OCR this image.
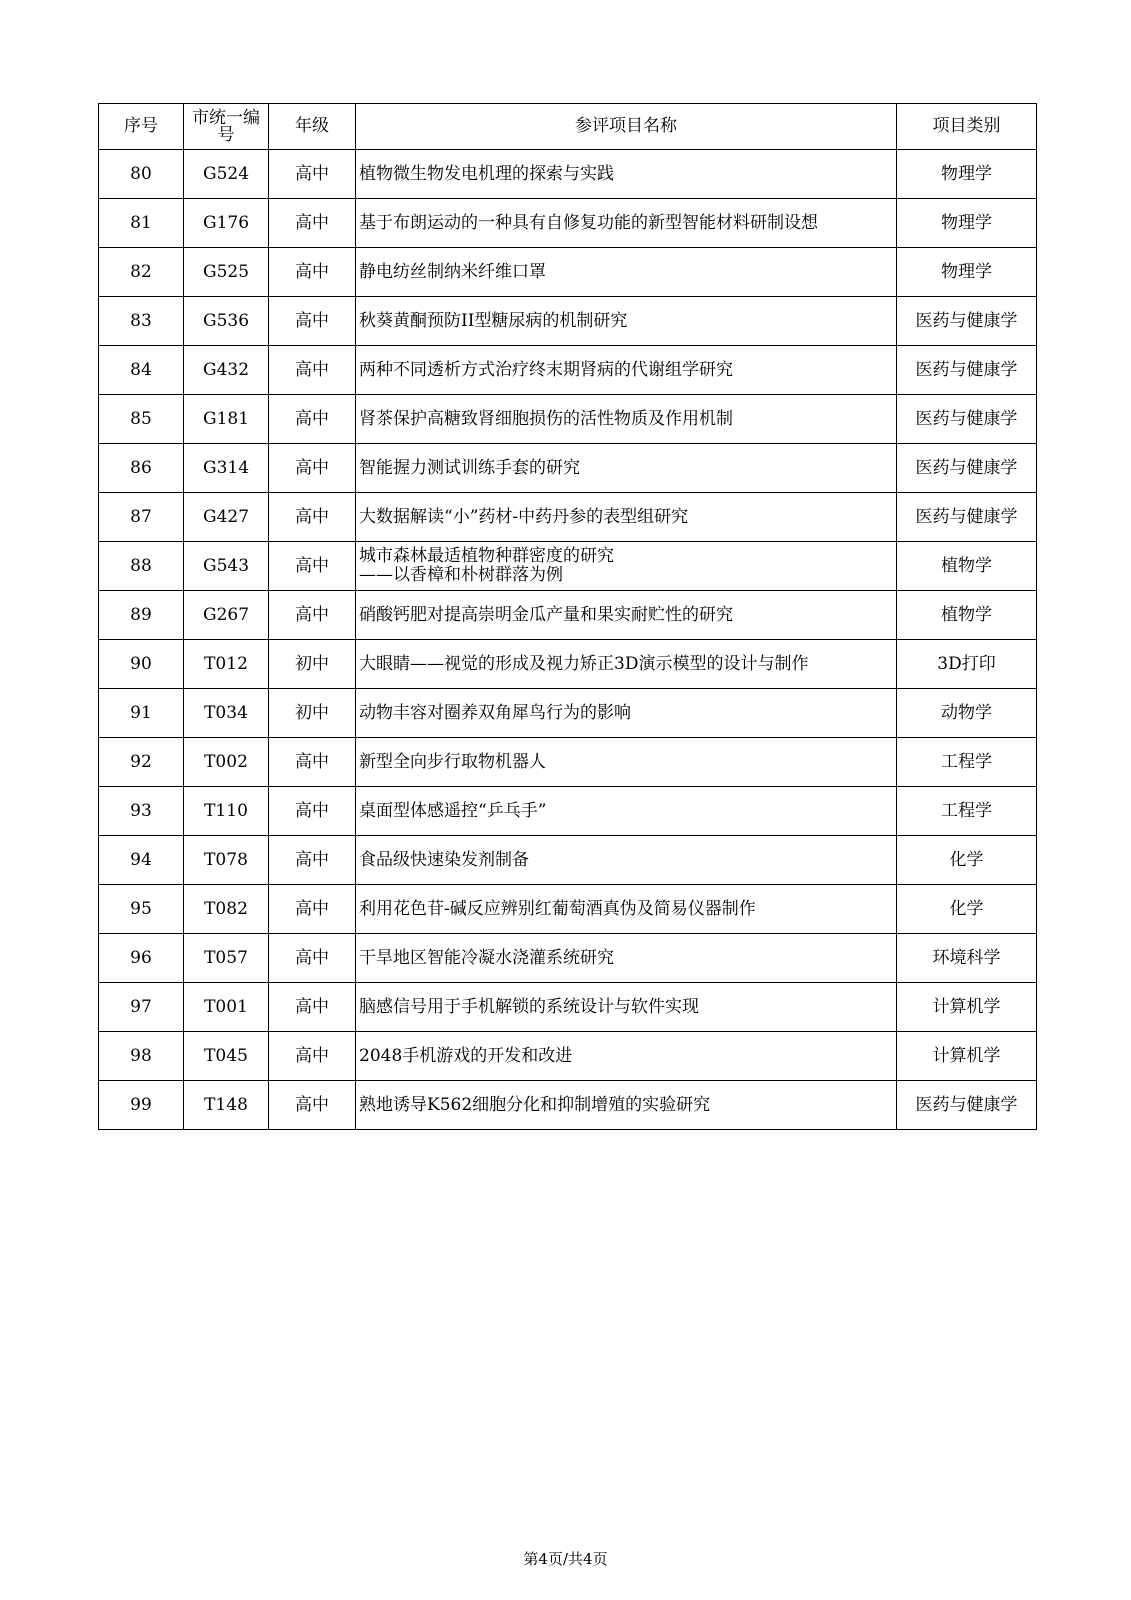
序号	市统一编号	年级	参评项目名称	项目类别
80	G524	高中	植物微生物发电机理的探索与实践	物理学
81	G176	高中	基于布朗运动的一种具有自修复功能的新型智能材料研制设想	物理学
82	G525	高中	静电纺丝制纳米纤维口罩	物理学
83	G536	高中	秋葵黄酮预防II型糖尿病的机制研究	医药与健康学
84	G432	高中	两种不同透析方式治疗终末期肾病的代谢组学研究	医药与健康学
85	G181	高中	肾茶保护高糖致肾细胞损伤的活性物质及作用机制	医药与健康学
86	G314	高中	智能握力测试训练手套的研究	医药与健康学
87	G427	高中	大数据解读“小”药材-中药丹参的表型组研究	医药与健康学
88	G543	高中	城市森林最适植物种群密度的研究
——以香樟和朴树群落为例	植物学
89	G267	高中	硝酸钙肥对提高崇明金瓜产量和果实耐贮性的研究	植物学
90	T012	初中	大眼睛——视觉的形成及视力矫正3D演示模型的设计与制作	3D打印
91	T034	初中	动物丰容对圈养双角犀鸟行为的影响	动物学
92	T002	高中	新型全向步行取物机器人	工程学
93	T110	高中	桌面型体感遥控“乒乓手”	工程学
94	T078	高中	食品级快速染发剂制备	化学
95	T082	高中	利用花色苷-碱反应辨别红葡萄酒真伪及简易仪器制作	化学
96	T057	高中	干旱地区智能冷凝水浇灌系统研究	环境科学
97	T001	高中	脑感信号用于手机解锁的系统设计与软件实现	计算机学
98	T045	高中	2048手机游戏的开发和改进	计算机学
99	T148	高中	熟地诱导K562细胞分化和抑制增殖的实验研究	医药与健康学
第4页/共4页
